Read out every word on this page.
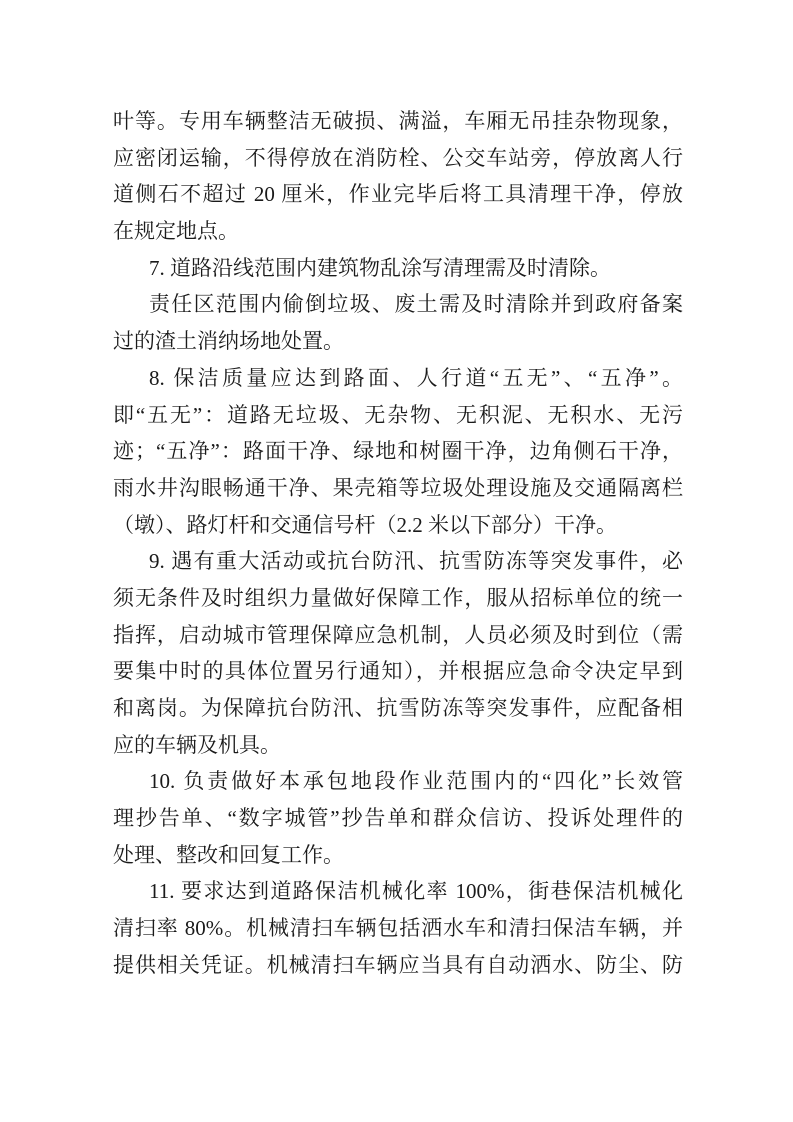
叶等。专用车辆整洁无破损、满溢，车厢无吊挂杂物现象，
应密闭运输，不得停放在消防栓、公交车站旁，停放离人行
道侧石不超过 20 厘米，作业完毕后将工具清理干净，停放
在规定地点。
7. 道路沿线范围内建筑物乱涂写清理需及时清除。
责任区范围内偷倒垃圾、废土需及时清除并到政府备案
过的渣土消纳场地处置。
8. 保洁质量应达到路面、人行道“五无”、“五净”。
即“五无”：道路无垃圾、无杂物、无积泥、无积水、无污
迹；“五净”：路面干净、绿地和树圈干净，边角侧石干净，
雨水井沟眼畅通干净、果壳箱等垃圾处理设施及交通隔离栏
（墩）、路灯杆和交通信号杆（2.2 米以下部分）干净。
9. 遇有重大活动或抗台防汛、抗雪防冻等突发事件，必
须无条件及时组织力量做好保障工作，服从招标单位的统一
指挥，启动城市管理保障应急机制，人员必须及时到位（需
要集中时的具体位置另行通知），并根据应急命令决定早到
和离岗。为保障抗台防汛、抗雪防冻等突发事件，应配备相
应的车辆及机具。
10. 负责做好本承包地段作业范围内的“四化”长效管
理抄告单、“数字城管”抄告单和群众信访、投诉处理件的
处理、整改和回复工作。
11. 要求达到道路保洁机械化率 100%，街巷保洁机械化
清扫率 80%。机械清扫车辆包括洒水车和清扫保洁车辆，并
提供相关凭证。机械清扫车辆应当具有自动洒水、防尘、防
